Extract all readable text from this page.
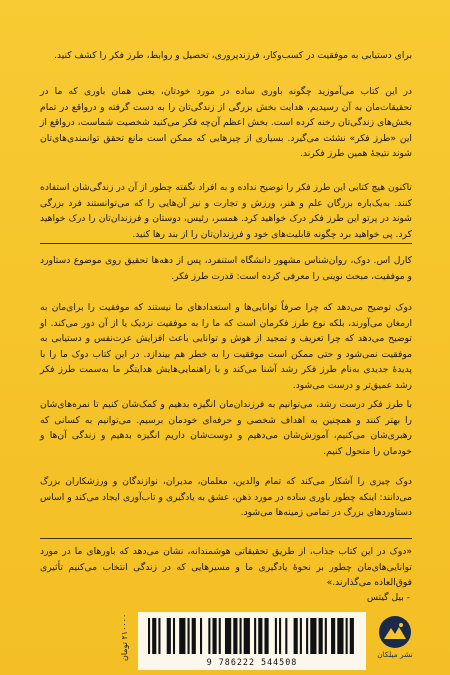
برای دستیابی به موفقیت در کسب‌وکار، فرزندپروری، تحصیل و روابط، طرز فکر را کشف کنید.

در این کتاب می‌آموزید چگونه باوری ساده در مورد خودتان، یعنی همان باوری که ما در تحقیقات‌مان به آن رسیدیم، هدایت بخش بزرگی از زندگی‌تان را به دست گرفته و درواقع در تمام بخش‌های زندگی‌تان رخنه کرده است. بخش اعظم آن‌چه فکر می‌کنید شخصیت شماست، درواقع از این «طرز فکر» نشئت می‌گیرد. بسیاری از چیزهایی که ممکن است مانع تحقق توانمندی‌های‌تان شوند نتیجهٔ همین طرز فکرند.

تاکنون هیچ کتابی این طرز فکر را توضیح نداده و به افراد نگفته چطور از آن در زندگی‌شان استفاده کنند. به‌یک‌باره بزرگان علم و هنر، ورزش و تجارت و نیز آن‌هایی را که می‌توانستند فرد بزرگی شوند در پرتو این طرز فکر درک خواهید کرد. همسر، رئیس، دوستان و فرزندان‌تان را درک خواهید کرد. پی خواهید برد چگونه قابلیت‌های خود و فرزندان‌تان را از بند رها کنید.

کارل اس. دوک، روان‌شناس مشهور دانشگاه استنفرد، پس از دهه‌ها تحقیق روی موضوع دستاورد و موفقیت، مبحث نوینی را معرفی کرده است: قدرت طرز فکر.

دوک توضیح می‌دهد که چرا صرفاً توانایی‌ها و استعدادهای ما نیستند که موفقیت را برای‌مان به ارمغان می‌آورند، بلکه نوع طرز فکرمان است که ما را به موفقیت نزدیک یا از آن دور می‌کند. او توضیح می‌دهد که چرا تعریف و تمجید از هوش و توانایی باعث افزایش عزت‌نفس و دستیابی به موفقیت نمی‌شود و حتی ممکن است موفقیت را به خطر هم بیندازد. در این کتاب دوک ما را با پدیدهٔ جدیدی به‌نام طرز فکر رشد آشنا می‌کند و با راهنمایی‌هایش هدایتگر ما به‌سمت طرز فکر رشد عمیق‌تر و درست می‌شود.

با طرز فکر درست رشد، می‌توانیم به فرزندان‌مان انگیزه بدهیم و کمک‌شان کنیم تا نمره‌های‌شان را بهتر کنند و همچنین به اهداف شخصی و حرفه‌ای خودمان برسیم. می‌توانیم به کسانی که رهبری‌شان می‌کنیم، آموزش‌شان می‌دهیم و دوست‌شان داریم انگیزه بدهیم و زندگی آن‌ها و خودمان را متحول کنیم.

دوک چیزی را آشکار می‌کند که تمام والدین، معلمان، مدیران، نوازندگان و ورزشکاران بزرگ می‌دانند: اینکه چطور باوری ساده در مورد ذهن، عشق به یادگیری و تاب‌آوری ایجاد می‌کند و اساس دستاوردهای بزرگ در تمامی زمینه‌ها می‌شود.

«دوک در این کتاب جذاب، از طریق تحقیقاتی هوشمندانه، نشان می‌دهد که باورهای ما در مورد توانایی‌های‌مان چطور بر نحوهٔ یادگیری ما و مسیرهایی که در زندگی انتخاب می‌کنیم تأثیری فوق‌العاده می‌گذارند.»

- بیل گیتس
۲۱۰۰۰۰ تومان
9 786222 544508
نشر میلکان
